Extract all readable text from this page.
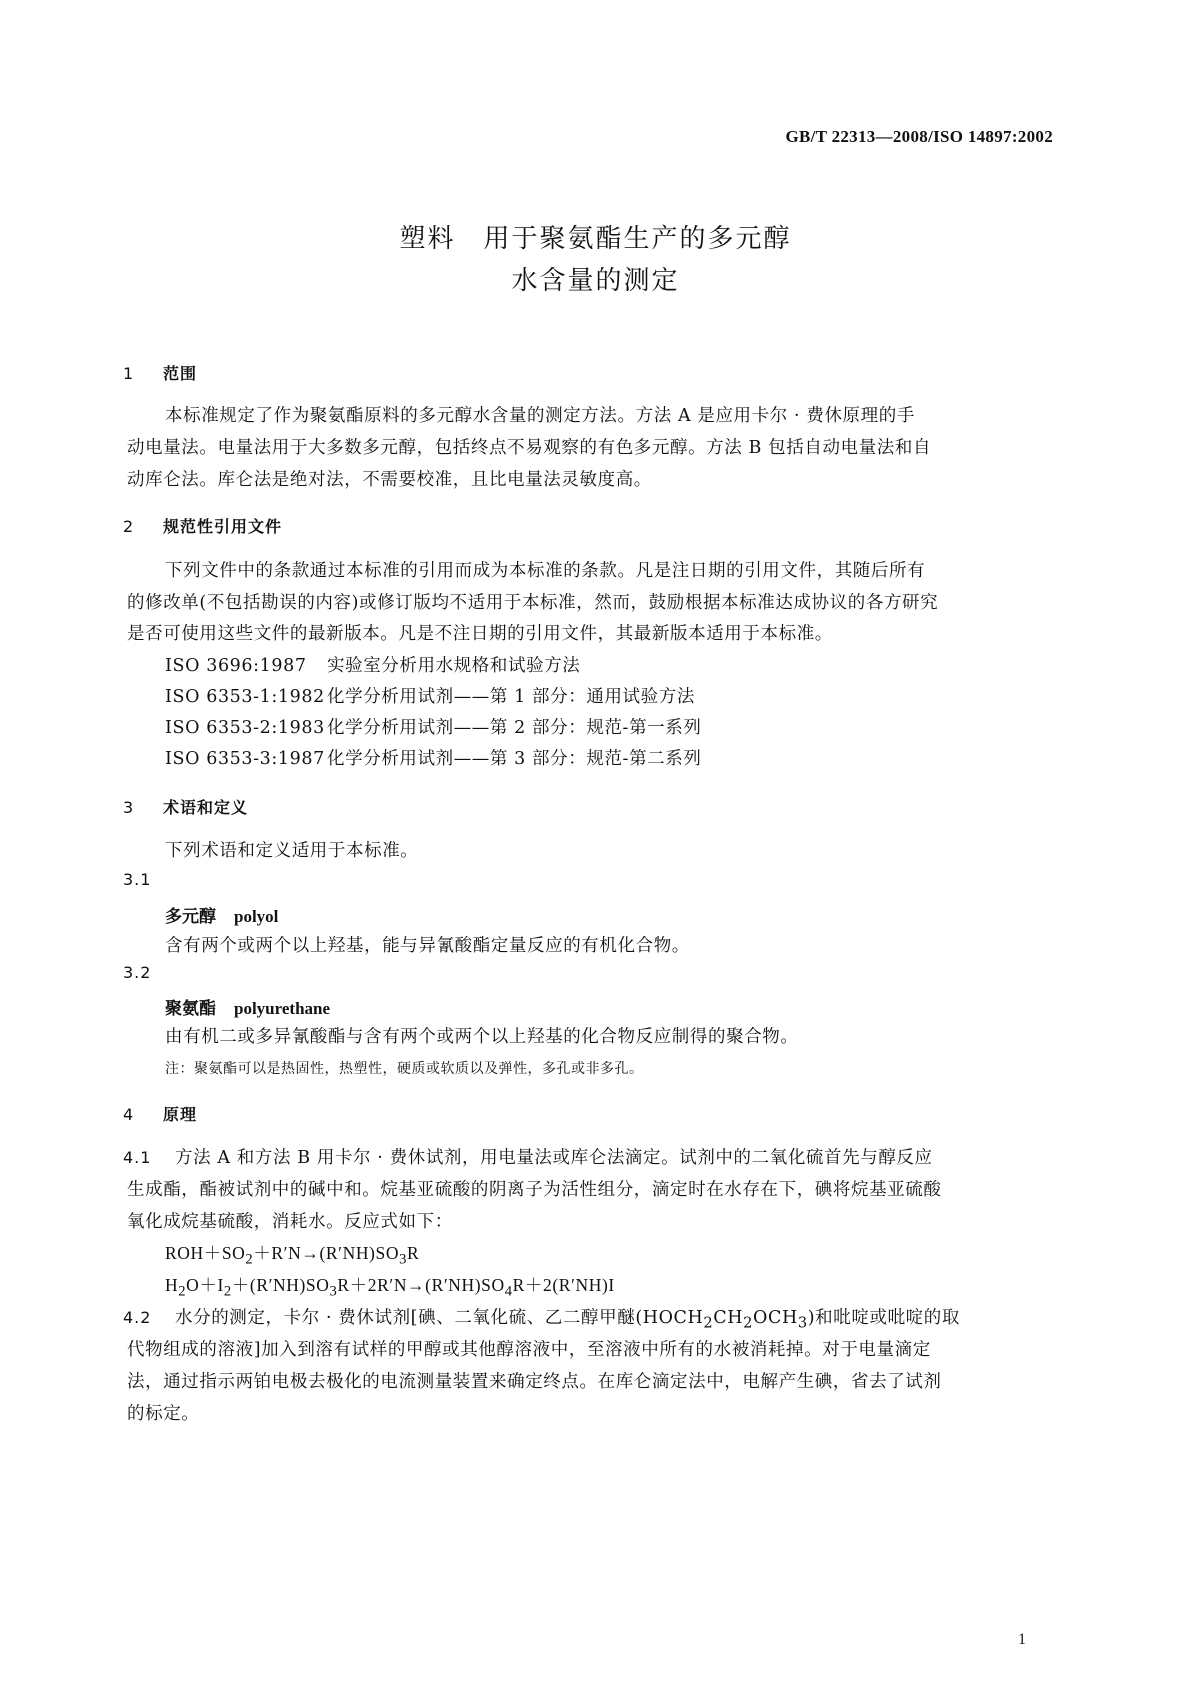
GB/T 22313—2008/ISO 14897:2002
塑料　用于聚氨酯生产的多元醇
水含量的测定
1 范围
本标准规定了作为聚氨酯原料的多元醇水含量的测定方法。方法 A 是应用卡尔 · 费休原理的手
动电量法。电量法用于大多数多元醇，包括终点不易观察的有色多元醇。方法 B 包括自动电量法和自
动库仑法。库仑法是绝对法，不需要校准，且比电量法灵敏度高。
2 规范性引用文件
下列文件中的条款通过本标准的引用而成为本标准的条款。凡是注日期的引用文件，其随后所有
的修改单(不包括勘误的内容)或修订版均不适用于本标准，然而，鼓励根据本标准达成协议的各方研究
是否可使用这些文件的最新版本。凡是不注日期的引用文件，其最新版本适用于本标准。
ISO 3696:1987 实验室分析用水规格和试验方法
ISO 6353-1:1982 化学分析用试剂——第 1 部分：通用试验方法
ISO 6353-2:1983 化学分析用试剂——第 2 部分：规范-第一系列
ISO 6353-3:1987 化学分析用试剂——第 3 部分：规范-第二系列
3 术语和定义
下列术语和定义适用于本标准。
3.1
多元醇 polyol
含有两个或两个以上羟基，能与异氰酸酯定量反应的有机化合物。
3.2
聚氨酯 polyurethane
由有机二或多异氰酸酯与含有两个或两个以上羟基的化合物反应制得的聚合物。
注：聚氨酯可以是热固性，热塑性，硬质或软质以及弹性，多孔或非多孔。
4 原理
4.1 方法 A 和方法 B 用卡尔 · 费休试剂，用电量法或库仑法滴定。试剂中的二氧化硫首先与醇反应
生成酯，酯被试剂中的碱中和。烷基亚硫酸的阴离子为活性组分，滴定时在水存在下，碘将烷基亚硫酸
氧化成烷基硫酸，消耗水。反应式如下：
$ROH+SO_2+R'N\to(R'NH)SO_3R$
$H_2O+I_2+(R'NH)SO_3R+2R'N\to(R'NH)SO_4R+2(R'NH)I$
4.2 水分的测定，卡尔 · 费休试剂[碘、二氧化硫、乙二醇甲醚$(HOCH_2CH_2OCH_3)$和吡啶或吡啶的取
代物组成的溶液]加入到溶有试样的甲醇或其他醇溶液中，至溶液中所有的水被消耗掉。对于电量滴定
法，通过指示两铂电极去极化的电流测量装置来确定终点。在库仑滴定法中，电解产生碘，省去了试剂
的标定。
1
